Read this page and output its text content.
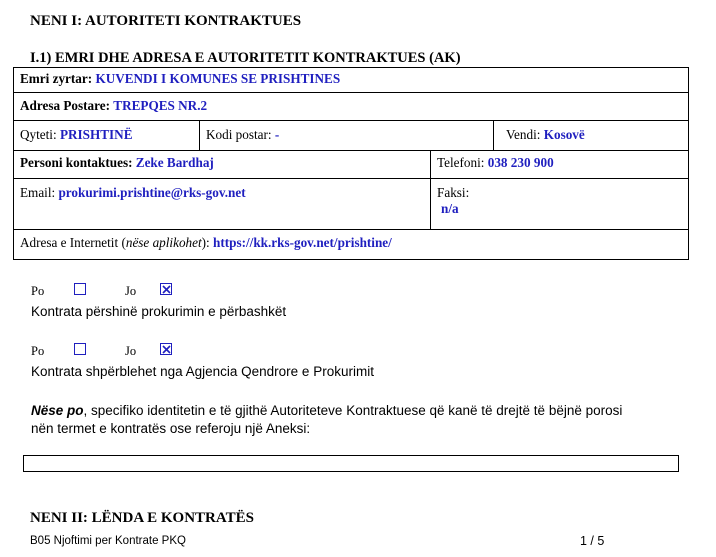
NENI I: AUTORITETI KONTRAKTUES
I.1) EMRI DHE ADRESA E AUTORITETIT KONTRAKTUES (AK)
Emri zyrtar: KUVENDI I KOMUNES SE PRISHTINES
Adresa Postare: TREPQES NR.2
Qyteti: PRISHTINË	Kodi postar: -	Vendi: Kosovë
Personi kontaktues: Zeke Bardhaj	Telefoni: 038 230 900
Email: prokurimi.prishtine@rks-gov.net	Faksi:
n/a
Adresa e Internetit (nëse aplikohet): https://kk.rks-gov.net/prishtine/
Po	Jo
Kontrata përshinë prokurimin e përbashkët
Po	Jo
Kontrata shpërblehet nga Agjencia Qendrore e Prokurimit
Nëse po, specifiko identitetin e të gjithë Autoriteteve Kontraktuese që kanë të drejtë të bëjnë porosi
nën termet e kontratës ose referoju një Aneksi:
NENI II: LËNDA E KONTRATËS
B05 Njoftimi per Kontrate PKQ	1 / 5
